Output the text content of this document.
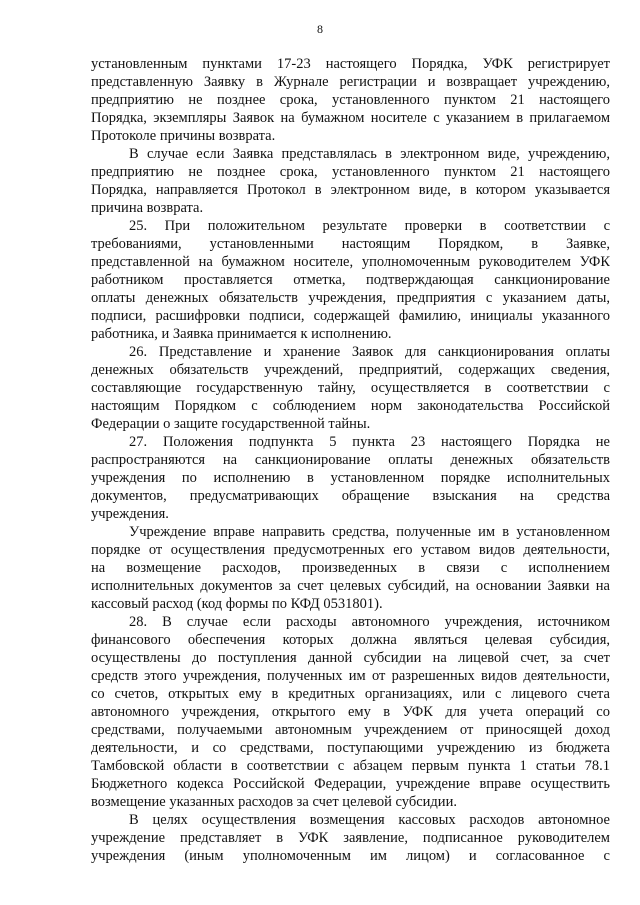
8
установленным пунктами 17-23 настоящего Порядка, УФК регистрирует
представленную Заявку в Журнале регистрации и возвращает учреждению,
предприятию не позднее срока, установленного пунктом 21 настоящего
Порядка, экземпляры Заявок на бумажном носителе с указанием в прилагаемом
Протоколе причины возврата.
В случае если Заявка представлялась в электронном виде, учреждению,
предприятию не позднее срока, установленного пунктом 21 настоящего
Порядка, направляется Протокол в электронном виде, в котором указывается
причина возврата.
25. При положительном результате проверки в соответствии с
требованиями, установленными настоящим Порядком, в Заявке,
представленной на бумажном носителе, уполномоченным руководителем УФК
работником проставляется отметка, подтверждающая санкционирование
оплаты денежных обязательств учреждения, предприятия с указанием даты,
подписи, расшифровки подписи, содержащей фамилию, инициалы указанного
работника, и Заявка принимается к исполнению.
26. Представление и хранение Заявок для санкционирования оплаты
денежных обязательств учреждений, предприятий, содержащих сведения,
составляющие государственную тайну, осуществляется в соответствии с
настоящим Порядком с соблюдением норм законодательства Российской
Федерации о защите государственной тайны.
27. Положения подпункта 5 пункта 23 настоящего Порядка не
распространяются на санкционирование оплаты денежных обязательств
учреждения по исполнению в установленном порядке исполнительных
документов, предусматривающих обращение взыскания на средства
учреждения.
Учреждение вправе направить средства, полученные им в установленном
порядке от осуществления предусмотренных его уставом видов деятельности,
на возмещение расходов, произведенных в связи с исполнением
исполнительных документов за счет целевых субсидий, на основании Заявки на
кассовый расход (код формы по КФД 0531801).
28. В случае если расходы автономного учреждения, источником
финансового обеспечения которых должна являться целевая субсидия,
осуществлены до поступления данной субсидии на лицевой счет, за счет
средств этого учреждения, полученных им от разрешенных видов деятельности,
со счетов, открытых ему в кредитных организациях, или с лицевого счета
автономного учреждения, открытого ему в УФК для учета операций со
средствами, получаемыми автономным учреждением от приносящей доход
деятельности, и со средствами, поступающими учреждению из бюджета
Тамбовской области в соответствии с абзацем первым пункта 1 статьи 78.1
Бюджетного кодекса Российской Федерации, учреждение вправе осуществить
возмещение указанных расходов за счет целевой субсидии.
В целях осуществления возмещения кассовых расходов автономное
учреждение представляет в УФК заявление, подписанное руководителем
учреждения (иным уполномоченным им лицом) и согласованное с
